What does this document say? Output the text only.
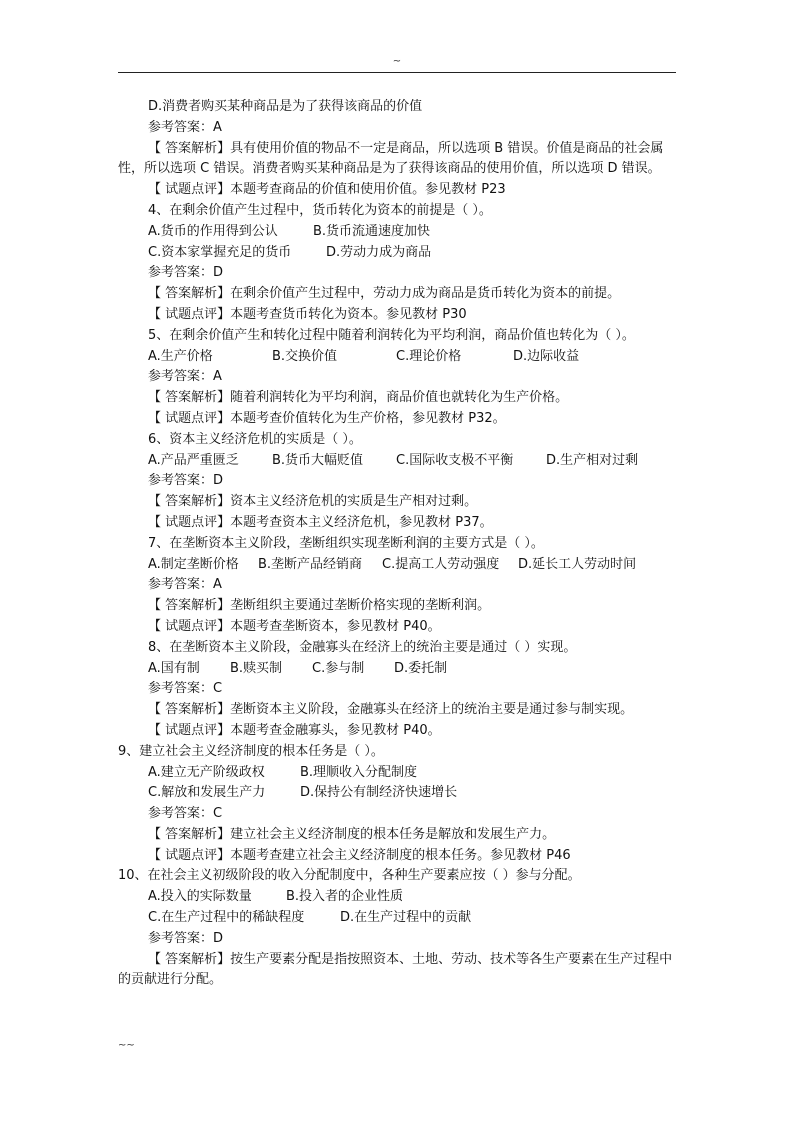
~
D.消费者购买某种商品是为了获得该商品的价值
参考答案：A
【 答案解析】具有使用价值的物品不一定是商品，所以选项 B 错误。价值是商品的社会属性，所以选项 C 错误。消费者购买某种商品是为了获得该商品的使用价值，所以选项 D 错误。
【 试题点评】本题考查商品的价值和使用价值。参见教材 P23
4、在剩余价值产生过程中，货币转化为资本的前提是（ ）。
A.货币的作用得到公认	B.货币流通速度加快
C.资本家掌握充足的货币	D.劳动力成为商品
参考答案：D
【 答案解析】在剩余价值产生过程中，劳动力成为商品是货币转化为资本的前提。
【 试题点评】本题考查货币转化为资本。参见教材 P30
5、在剩余价值产生和转化过程中随着利润转化为平均利润，商品价值也转化为（ ）。
A.生产价格	B.交换价值	C.理论价格	D.边际收益
参考答案：A
【 答案解析】随着利润转化为平均利润，商品价值也就转化为生产价格。
【 试题点评】本题考查价值转化为生产价格，参见教材 P32。
6、资本主义经济危机的实质是（ ）。
A.产品严重匮乏	B.货币大幅贬值	C.国际收支极不平衡	D.生产相对过剩
参考答案：D
【 答案解析】资本主义经济危机的实质是生产相对过剩。
【 试题点评】本题考查资本主义经济危机，参见教材 P37。
7、在垄断资本主义阶段，垄断组织实现垄断利润的主要方式是（ ）。
A.制定垄断价格 B.垄断产品经销商 C.提高工人劳动强度 D.延长工人劳动时间
参考答案：A
【 答案解析】垄断组织主要通过垄断价格实现的垄断利润。
【 试题点评】本题考查垄断资本，参见教材 P40。
8、在垄断资本主义阶段，金融寡头在经济上的统治主要是通过（ ）实现。
A.国有制 B.赎买制 C.参与制 D.委托制
参考答案：C
【 答案解析】垄断资本主义阶段，金融寡头在经济上的统治主要是通过参与制实现。
【 试题点评】本题考查金融寡头，参见教材 P40。
9、建立社会主义经济制度的根本任务是（ ）。
A.建立无产阶级政权	B.理顺收入分配制度
C.解放和发展生产力	D.保持公有制经济快速增长
参考答案：C
【 答案解析】建立社会主义经济制度的根本任务是解放和发展生产力。
【 试题点评】本题考查建立社会主义经济制度的根本任务。参见教材 P46
10、在社会主义初级阶段的收入分配制度中，各种生产要素应按（ ）参与分配。
A.投入的实际数量	B.投入者的企业性质
C.在生产过程中的稀缺程度	D.在生产过程中的贡献
参考答案：D
【 答案解析】按生产要素分配是指按照资本、土地、劳动、技术等各生产要素在生产过程中的贡献进行分配。
~~
